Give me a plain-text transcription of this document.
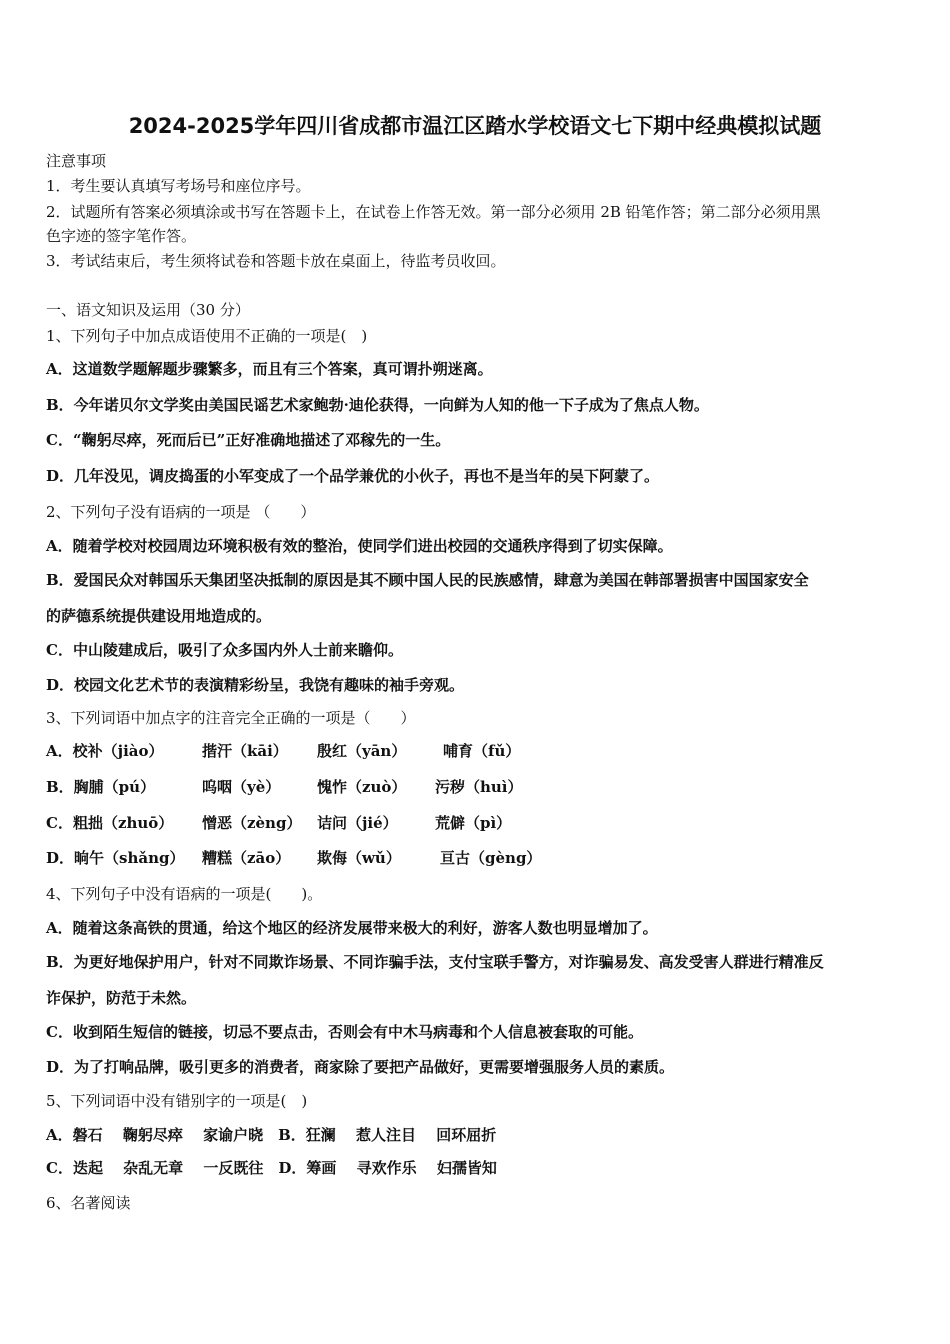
2024-2025学年四川省成都市温江区踏水学校语文七下期中经典模拟试题
注意事项
1．考生要认真填写考场号和座位序号。
2．试题所有答案必须填涂或书写在答题卡上，在试卷上作答无效。第一部分必须用 2B 铅笔作答；第二部分必须用黑
色字迹的签字笔作答。
3．考试结束后，考生须将试卷和答题卡放在桌面上，待监考员收回。
一、语文知识及运用（30 分）
1、下列句子中加点成语使用不正确的一项是(　)
A．这道数学题解题步骤繁多，而且有三个答案，真可谓扑朔迷离。
B．今年诺贝尔文学奖由美国民谣艺术家鲍勃·迪伦获得，一向鲜为人知的他一下子成为了焦点人物。
C．“鞠躬尽瘁，死而后已”正好准确地描述了邓稼先的一生。
D．几年没见，调皮捣蛋的小军变成了一个品学兼优的小伙子，再也不是当年的吴下阿蒙了。
2、下列句子没有语病的一项是 （　　）
A．随着学校对校园周边环境积极有效的整治，使同学们进出校园的交通秩序得到了切实保障。
B．爱国民众对韩国乐天集团坚决抵制的原因是其不顾中国人民的民族感情，肆意为美国在韩部署损害中国国家安全
的萨德系统提供建设用地造成的。
C．中山陵建成后，吸引了众多国内外人士前来瞻仰。
D．校园文化艺术节的表演精彩纷呈，我饶有趣味的袖手旁观。
3、下列词语中加点字的注音完全正确的一项是（　　）
A．校补（jiào）	揩汗（kāi） 殷红（yān） 哺育（fǔ）
B．胸脯（pú）	呜咽（yè） 愧怍（zuò） 污秽（huì）
C．粗拙（zhuō） 憎恶（zèng） 诘问（jié） 荒僻（pì）
D．晌午（shǎng） 糟糕（zāo） 欺侮（wǔ）	亘古（gèng）
4、下列句子中没有语病的一项是(　　)。
A．随着这条高铁的贯通，给这个地区的经济发展带来极大的利好，游客人数也明显增加了。
B．为更好地保护用户，针对不同欺诈场景、不同诈骗手法，支付宝联手警方，对诈骗易发、高发受害人群进行精准反
诈保护，防范于未然。
C．收到陌生短信的链接，切忌不要点击，否则会有中木马病毒和个人信息被套取的可能。
D．为了打响品牌，吸引更多的消费者，商家除了要把产品做好，更需要增强服务人员的素质。
5、下列词语中没有错别字的一项是(　)
A．磐石　 鞠躬尽瘁　 家谕户晓　B．狂澜　 惹人注目　 回环屈折
C．迭起　 杂乱无章　 一反既往　D．筹画　 寻欢作乐　 妇孺皆知
6、名著阅读
